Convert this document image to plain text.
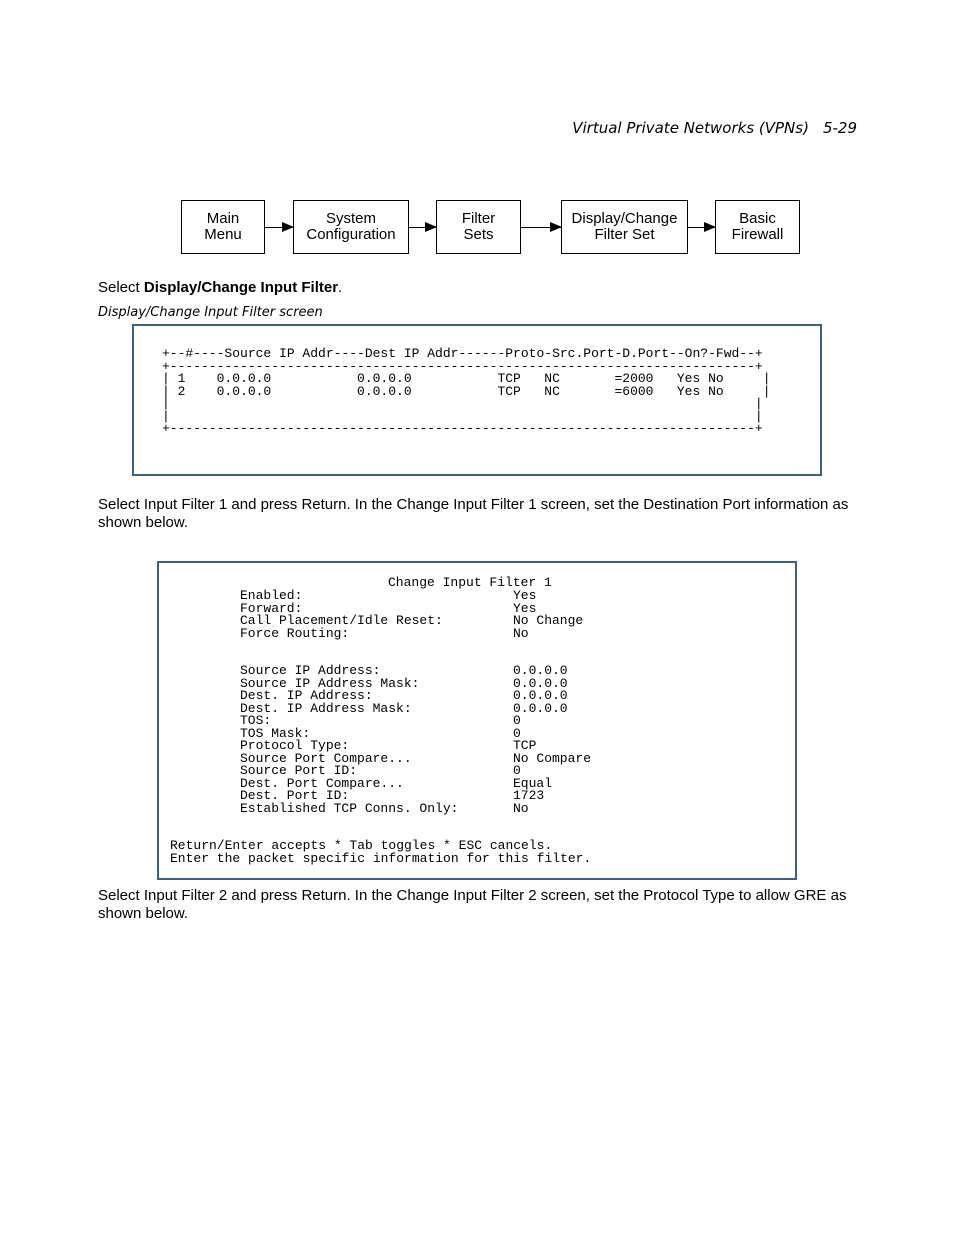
Virtual Private Networks (VPNs) 5-29
Main
Menu
System
Configuration
Filter
Sets
Display/Change
Filter Set
Basic
Firewall
Select Display/Change Input Filter.
Display/Change Input Filter screen
+--#----Source IP Addr----Dest IP Addr------Proto-Src.Port-D.Port--On?-Fwd--+
+---------------------------------------------------------------------------+
| 1    0.0.0.0           0.0.0.0           TCP   NC       =2000   Yes No     |
| 2    0.0.0.0           0.0.0.0           TCP   NC       =6000   Yes No     |
|                                                                           |
|                                                                           |
+---------------------------------------------------------------------------+
Select Input Filter 1 and press Return. In the Change Input Filter 1 screen, set the Destination Port information as shown below.
Change Input Filter 1
Enabled:	Yes
Forward:	Yes
Call Placement/Idle Reset:	No Change
Force Routing:	No
Source IP Address:	0.0.0.0
Source IP Address Mask:	0.0.0.0
Dest. IP Address:	0.0.0.0
Dest. IP Address Mask:	0.0.0.0
TOS:	0
TOS Mask:	0
Protocol Type:	TCP
Source Port Compare...	No Compare
Source Port ID:	0
Dest. Port Compare...	Equal
Dest. Port ID:	1723
Established TCP Conns. Only:	No
Return/Enter accepts * Tab toggles * ESC cancels.
Enter the packet specific information for this filter.
Select Input Filter 2 and press Return. In the Change Input Filter 2 screen, set the Protocol Type to allow GRE as shown below.
